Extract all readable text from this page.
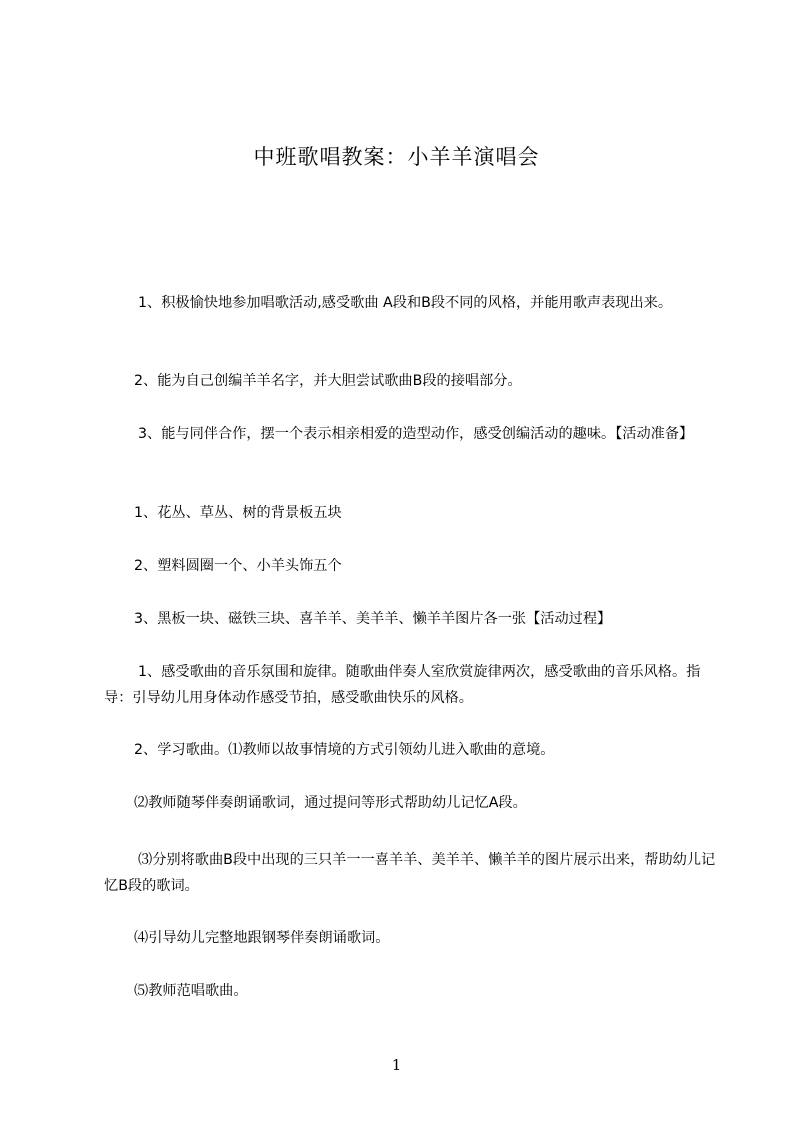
中班歌唱教案：小羊羊演唱会

1、积极愉快地参加唱歌活动,感受歌曲 A段和B段不同的风格，并能用歌声表现出来。

2、能为自己创编羊羊名字，并大胆尝试歌曲B段的接唱部分。

3、能与同伴合作，摆一个表示相亲相爱的造型动作，感受创编活动的趣味。【活动准备】

1、花丛、草丛、树的背景板五块

2、塑料圆圈一个、小羊头饰五个

3、黑板一块、磁铁三块、喜羊羊、美羊羊、懒羊羊图片各一张【活动过程】

1、感受歌曲的音乐氛围和旋律。随歌曲伴奏人室欣赏旋律两次，感受歌曲的音乐风格。指导：引导幼儿用身体动作感受节拍，感受歌曲快乐的风格。

2、学习歌曲。⑴教师以故事情境的方式引领幼儿进入歌曲的意境。

⑵教师随琴伴奏朗诵歌词，通过提问等形式帮助幼儿记忆A段。

⑶分别将歌曲B段中出现的三只羊一一喜羊羊、美羊羊、懒羊羊的图片展示出来，帮助幼儿记忆B段的歌词。

⑷引导幼儿完整地跟钢琴伴奏朗诵歌词。

⑸教师范唱歌曲。

1
